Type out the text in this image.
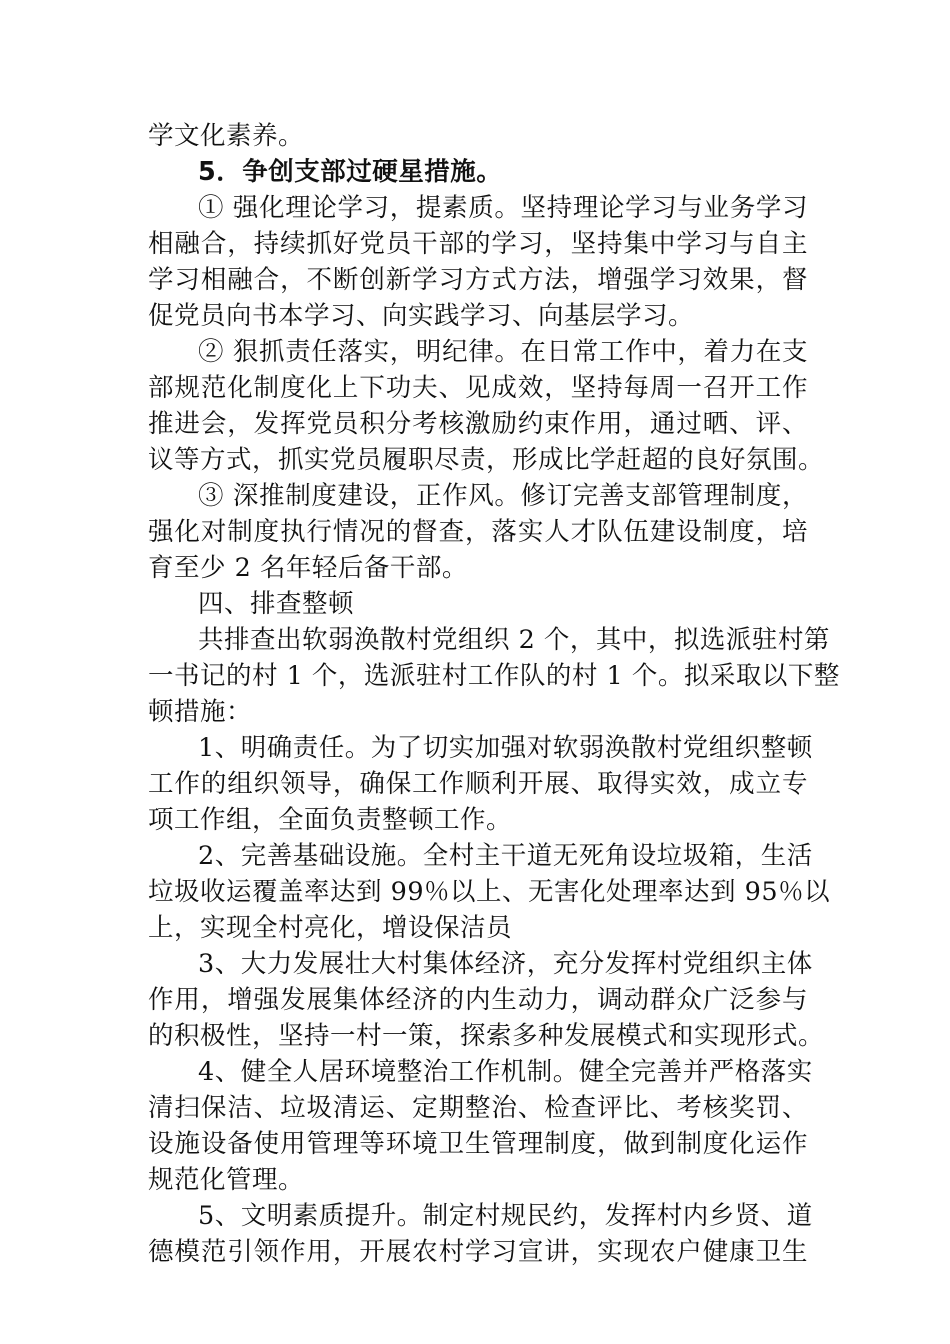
学文化素养。
5．争创支部过硬星措施。
① 强化理论学习，提素质。坚持理论学习与业务学习
相融合，持续抓好党员干部的学习，坚持集中学习与自主
学习相融合，不断创新学习方式方法，增强学习效果，督
促党员向书本学习、向实践学习、向基层学习。
② 狠抓责任落实，明纪律。在日常工作中，着力在支
部规范化制度化上下功夫、见成效，坚持每周一召开工作
推进会，发挥党员积分考核激励约束作用，通过晒、评、
议等方式，抓实党员履职尽责，形成比学赶超的良好氛围。
③ 深推制度建设，正作风。修订完善支部管理制度，
强化对制度执行情况的督查，落实人才队伍建设制度，培
育至少 2 名年轻后备干部。
四、排查整顿
共排查出软弱涣散村党组织 2 个，其中，拟选派驻村第
一书记的村 1 个，选派驻村工作队的村 1 个。拟采取以下整
顿措施：
1、明确责任。为了切实加强对软弱涣散村党组织整顿
工作的组织领导，确保工作顺利开展、取得实效，成立专
项工作组，全面负责整顿工作。
2、完善基础设施。全村主干道无死角设垃圾箱，生活
垃圾收运覆盖率达到 99％以上、无害化处理率达到 95％以
上，实现全村亮化，增设保洁员
3、大力发展壮大村集体经济，充分发挥村党组织主体
作用，增强发展集体经济的内生动力，调动群众广泛参与
的积极性，坚持一村一策，探索多种发展模式和实现形式。
4、健全人居环境整治工作机制。健全完善并严格落实
清扫保洁、垃圾清运、定期整治、检查评比、考核奖罚、
设施设备使用管理等环境卫生管理制度，做到制度化运作
规范化管理。
5、文明素质提升。制定村规民约，发挥村内乡贤、道
德模范引领作用，开展农村学习宣讲，实现农户健康卫生
